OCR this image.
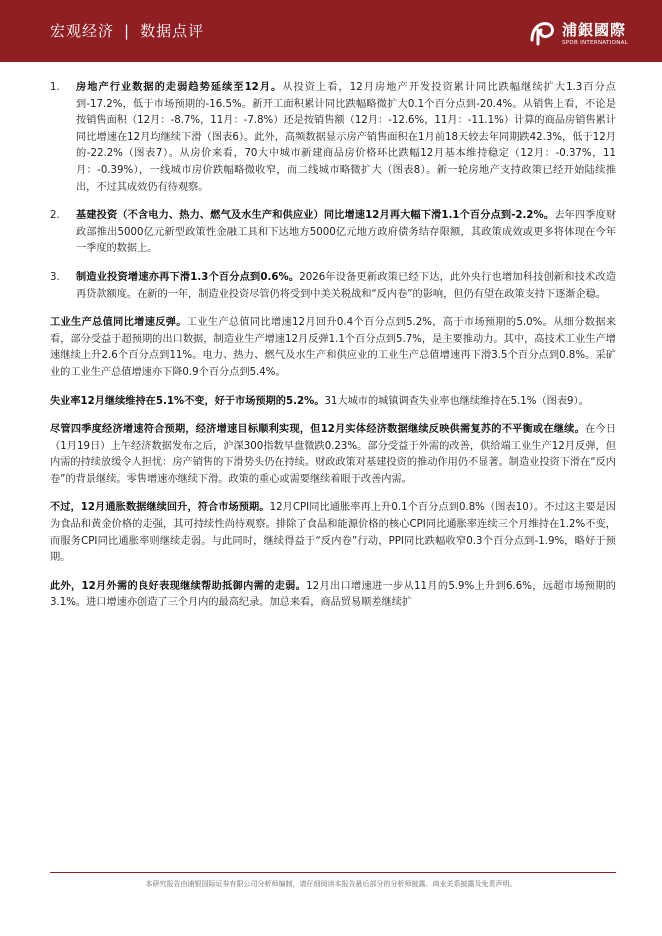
宏观经济 | 数据点评	浦銀國際
SPDB INTERNATIONAL
1.	房地产行业数据的走弱趋势延续至12月。从投资上看，12月房地产开发投资累计同比跌幅继续扩大1.3百分点到-17.2%，低于市场预期的-16.5%。新开工面积累计同比跌幅略微扩大0.1个百分点到-20.4%。从销售上看，不论是按销售面积（12月：-8.7%，11月：-7.8%）还是按销售额（12月：-12.6%，11月：-11.1%）计算的商品房销售累计同比增速在12月均继续下滑（图表6）。此外，高频数据显示房产销售面积在1月前18天较去年同期跌42.3%，低于12月的-22.2%（图表7）。从房价来看，70大中城市新建商品房价格环比跌幅12月基本维持稳定（12月：-0.37%，11月：-0.39%），一线城市房价跌幅略微收窄，而二线城市略微扩大（图表8）。新一轮房地产支持政策已经开始陆续推出，不过其成效仍有待观察。
2.	基建投资（不含电力、热力、燃气及水生产和供应业）同比增速12月再大幅下滑1.1个百分点到-2.2%。去年四季度财政部推出5000亿元新型政策性金融工具和下达地方5000亿元地方政府债务结存限额，其政策成效或更多将体现在今年一季度的数据上。
3.	制造业投资增速亦再下滑1.3个百分点到0.6%。2026年设备更新政策已经下达，此外央行也增加科技创新和技术改造再贷款额度。在新的一年，制造业投资尽管仍将受到中美关税战和“反内卷”的影响，但仍有望在政策支持下逐渐企稳。

工业生产总值同比增速反弹。工业生产总值同比增速12月回升0.4个百分点到5.2%，高于市场预期的5.0%。从细分数据来看，部分受益于超预期的出口数据，制造业生产增速12月反弹1.1个百分点到5.7%，是主要推动力。其中，高技术工业生产增速继续上升2.6个百分点到11%。电力、热力、燃气及水生产和供应业的工业生产总值增速再下滑3.5个百分点到0.8%。采矿业的工业生产总值增速亦下降0.9个百分点到5.4%。

失业率12月继续维持在5.1%不变，好于市场预期的5.2%。31大城市的城镇调查失业率也继续维持在5.1%（图表9）。

尽管四季度经济增速符合预期，经济增速目标顺利实现，但12月实体经济数据继续反映供需复苏的不平衡或在继续。在今日（1月19日）上午经济数据发布之后，沪深300指数早盘微跌0.23%。部分受益于外需的改善，供给端工业生产12月反弹，但内需的持续放缓令人担忧：房产销售的下滑势头仍在持续。财政政策对基建投资的推动作用仍不显著。制造业投资下滑在“反内卷”的背景继续。零售增速亦继续下滑。政策的重心或需要继续着眼于改善内需。

不过，12月通胀数据继续回升，符合市场预期。12月CPI同比通胀率再上升0.1个百分点到0.8%（图表10）。不过这主要是因为食品和黄金价格的走强，其可持续性尚待观察。排除了食品和能源价格的核心CPI同比通胀率连续三个月维持在1.2%不变，而服务CPI同比通胀率则继续走弱。与此同时，继续得益于“反内卷”行动，PPI同比跌幅收窄0.3个百分点到-1.9%，略好于预期。

此外，12月外需的良好表现继续帮助抵御内需的走弱。12月出口增速进一步从11月的5.9%上升到6.6%，远超市场预期的3.1%。进口增速亦创造了三个月内的最高纪录。加总来看，商品贸易顺差继续扩

本研究报告由浦银国际证券有限公司分析师编制，请仔细阅读本报告最后部分的分析师披露、商业关系披露及免责声明。
